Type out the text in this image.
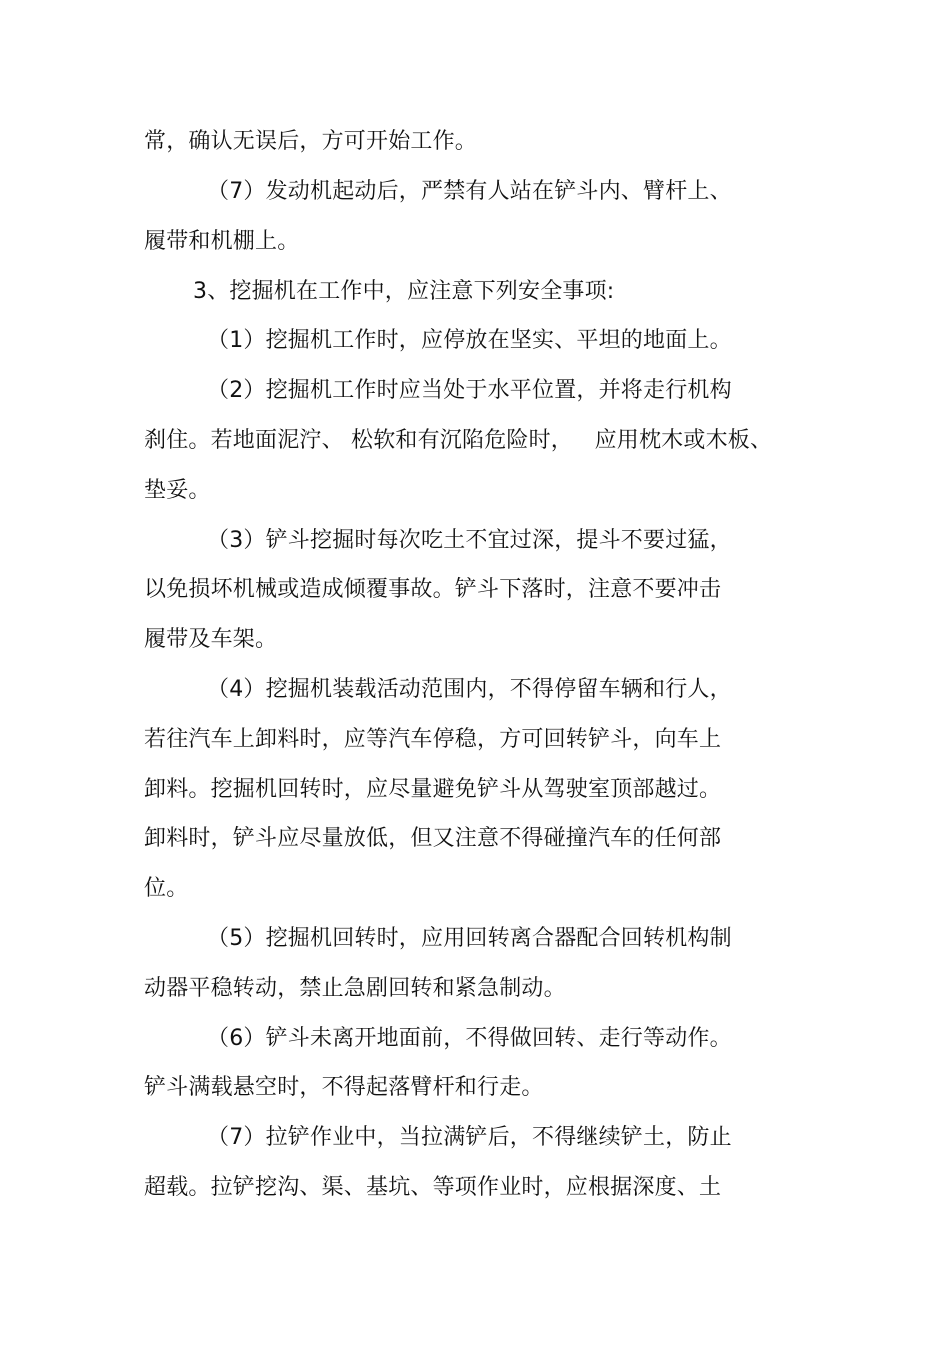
常，确认无误后，方可开始工作。
（7）发动机起动后，严禁有人站在铲斗内、臂杆上、
履带和机棚上。
3、挖掘机在工作中，应注意下列安全事项:
（1）挖掘机工作时，应停放在坚实、平坦的地面上。
（2）挖掘机工作时应当处于水平位置，并将走行机构
刹住。若地面泥泞、 松软和有沉陷危险时，   应用枕木或木板、
垫妥。
（3）铲斗挖掘时每次吃土不宜过深，提斗不要过猛，
以免损坏机械或造成倾覆事故。铲斗下落时，注意不要冲击
履带及车架。
（4）挖掘机装载活动范围内，不得停留车辆和行人，
若往汽车上卸料时，应等汽车停稳，方可回转铲斗，向车上
卸料。挖掘机回转时，应尽量避免铲斗从驾驶室顶部越过。
卸料时，铲斗应尽量放低，但又注意不得碰撞汽车的任何部
位。
（5）挖掘机回转时，应用回转离合器配合回转机构制
动器平稳转动，禁止急剧回转和紧急制动。
（6）铲斗未离开地面前，不得做回转、走行等动作。
铲斗满载悬空时，不得起落臂杆和行走。
（7）拉铲作业中，当拉满铲后，不得继续铲土，防止
超载。拉铲挖沟、渠、基坑、等项作业时，应根据深度、土
